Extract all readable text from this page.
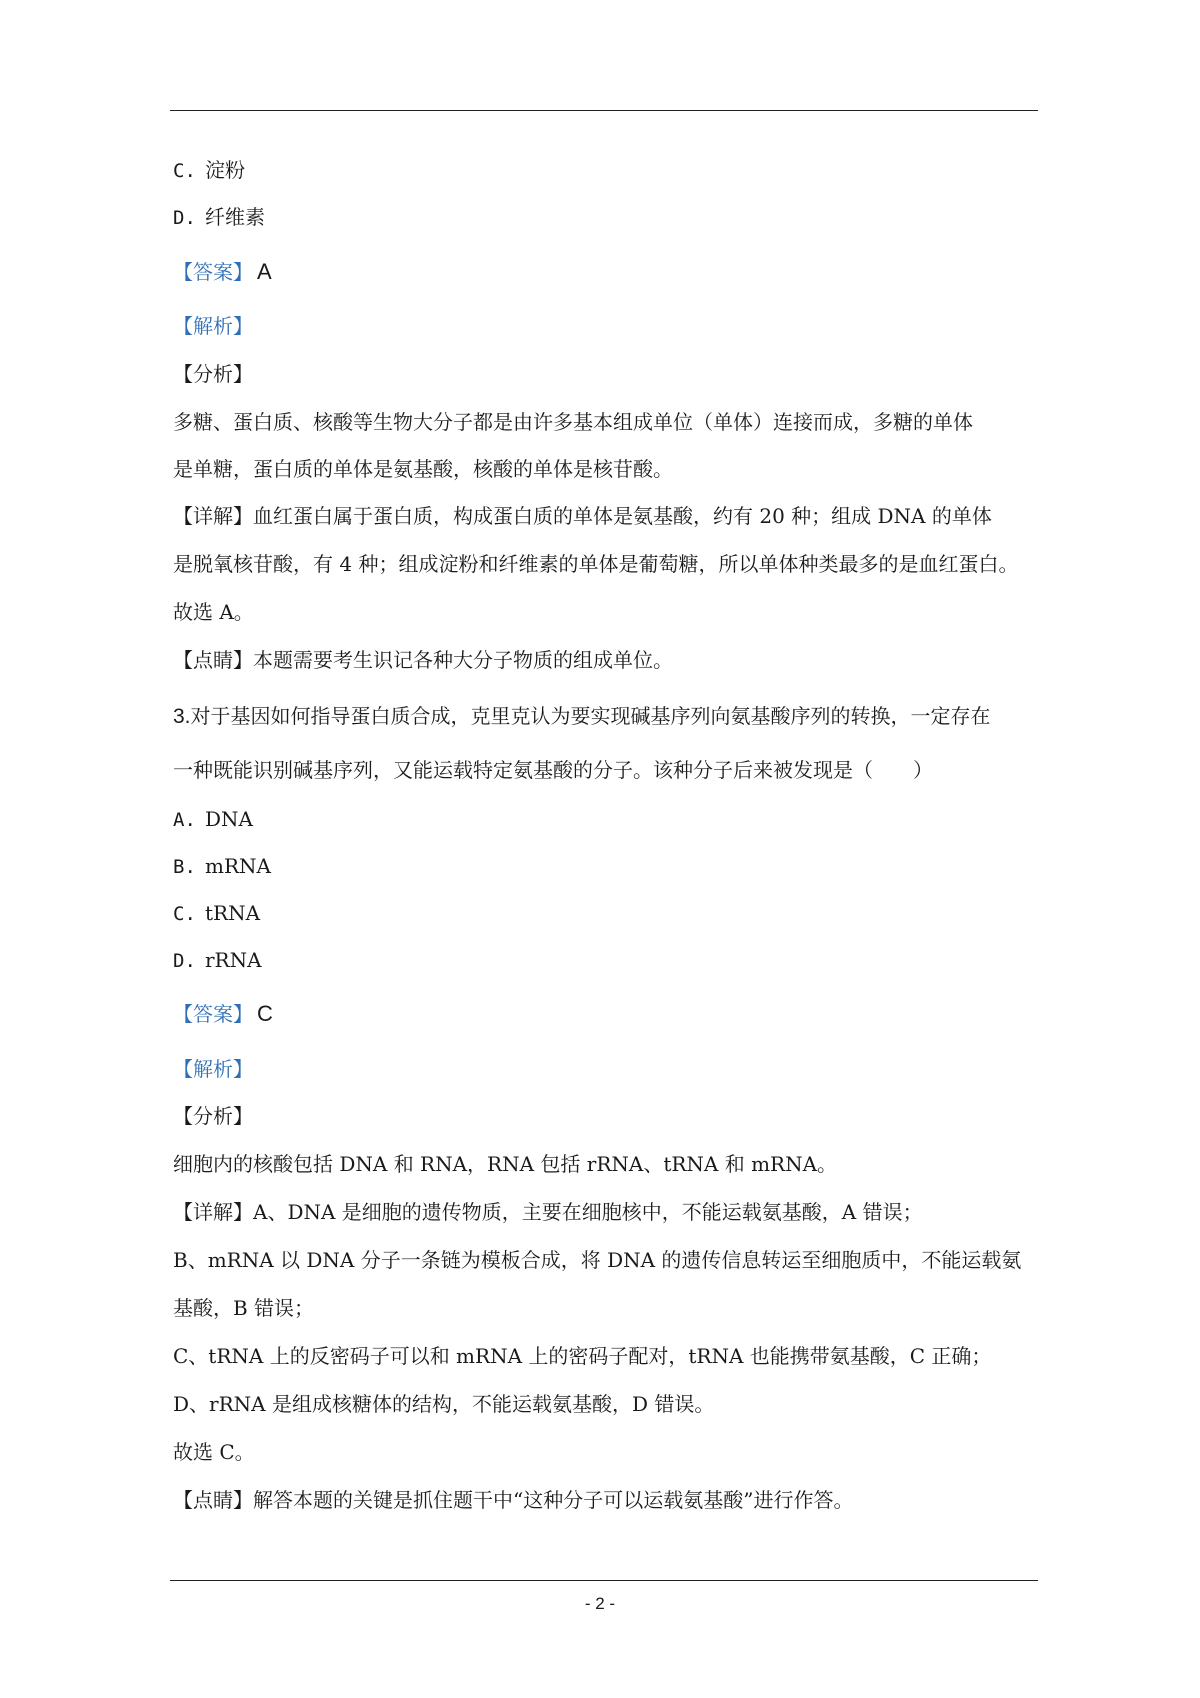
C. 淀粉
D. 纤维素
【答案】 A
【解析】
【分析】
多糖、蛋白质、核酸等生物大分子都是由许多基本组成单位（单体）连接而成，多糖的单体
是单糖，蛋白质的单体是氨基酸，核酸的单体是核苷酸。
【详解】血红蛋白属于蛋白质，构成蛋白质的单体是氨基酸，约有 20 种；组成 DNA 的单体
是脱氧核苷酸，有 4 种；组成淀粉和纤维素的单体是葡萄糖，所以单体种类最多的是血红蛋白。
故选 A。
【点睛】本题需要考生识记各种大分子物质的组成单位。
3.对于基因如何指导蛋白质合成，克里克认为要实现碱基序列向氨基酸序列的转换，一定存在
一种既能识别碱基序列，又能运载特定氨基酸的分子。该种分子后来被发现是（　　）
A. DNA
B. mRNA
C. tRNA
D. rRNA
【答案】 C
【解析】
【分析】
细胞内的核酸包括 DNA 和 RNA，RNA 包括 rRNA、tRNA 和 mRNA。
【详解】A、DNA 是细胞的遗传物质，主要在细胞核中，不能运载氨基酸，A 错误；
B、mRNA 以 DNA 分子一条链为模板合成，将 DNA 的遗传信息转运至细胞质中，不能运载氨
基酸，B 错误；
C、tRNA 上的反密码子可以和 mRNA 上的密码子配对，tRNA 也能携带氨基酸，C 正确；
D、rRNA 是组成核糖体的结构，不能运载氨基酸，D 错误。
故选 C。
【点睛】解答本题的关键是抓住题干中“这种分子可以运载氨基酸”进行作答。
- 2 -
